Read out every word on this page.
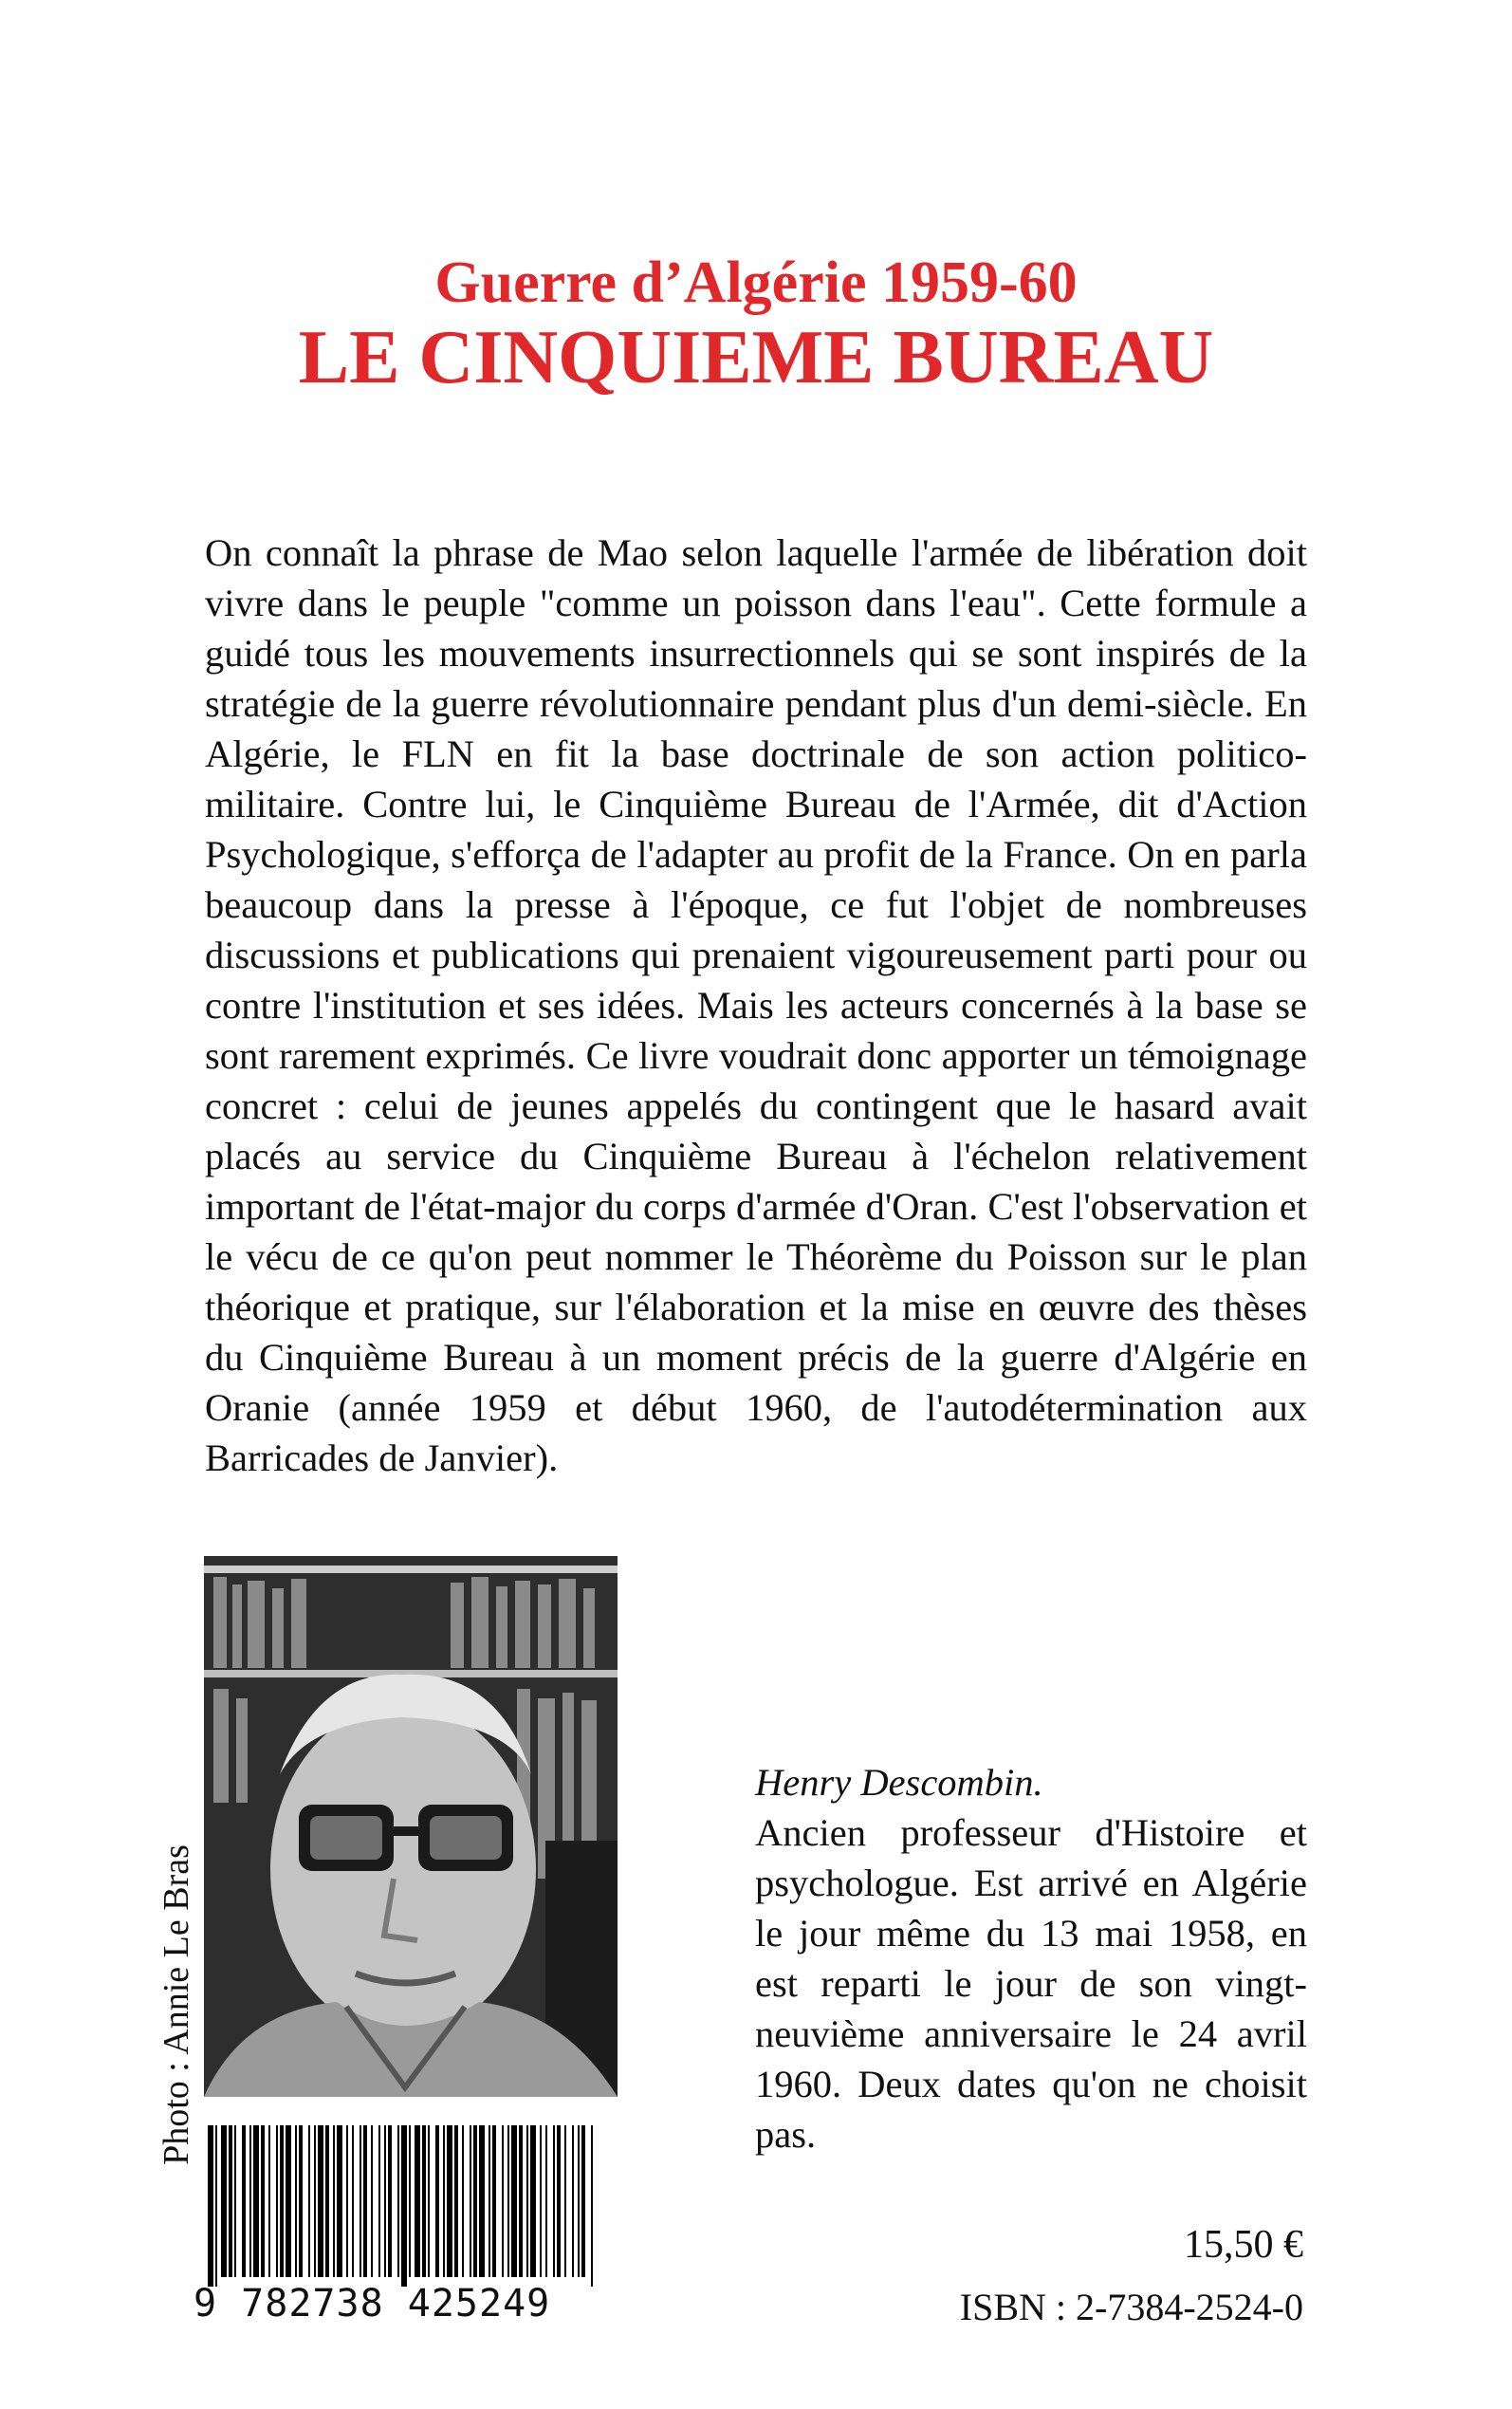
Guerre d’Algérie 1959-60
LE CINQUIEME BUREAU

On connaît la phrase de Mao selon laquelle l'armée de libération doit vivre dans le peuple "comme un poisson dans l'eau". Cette formule a guidé tous les mouvements insurrectionnels qui se sont inspirés de la stratégie de la guerre révolutionnaire pendant plus d'un demi-siècle. En Algérie, le FLN en fit la base doctrinale de son action politico-militaire. Contre lui, le Cinquième Bureau de l'Armée, dit d'Action Psychologique, s'efforça de l'adapter au profit de la France. On en parla beaucoup dans la presse à l'époque, ce fut l'objet de nombreuses discussions et publications qui prenaient vigoureusement parti pour ou contre l'institution et ses idées. Mais les acteurs concernés à la base se sont rarement exprimés. Ce livre voudrait donc apporter un témoignage concret : celui de jeunes appelés du contingent que le hasard avait placés au service du Cinquième Bureau à l'échelon relativement important de l'état-major du corps d'armée d'Oran. C'est l'observation et le vécu de ce qu'on peut nommer le Théorème du Poisson sur le plan théorique et pratique, sur l'élaboration et la mise en œuvre des thèses du Cinquième Bureau à un moment précis de la guerre d'Algérie en Oranie (année 1959 et début 1960, de l'autodétermination aux Barricades de Janvier).

Photo : Annie Le Bras

Henry Descombin.

Ancien professeur d'Histoire et psychologue. Est arrivé en Algérie le jour même du 13 mai 1958, en est reparti le jour de son vingt-neuvième anniversaire le 24 avril 1960. Deux dates qu'on ne choisit pas.

9 782738 425249
15,50 €
ISBN : 2-7384-2524-0
